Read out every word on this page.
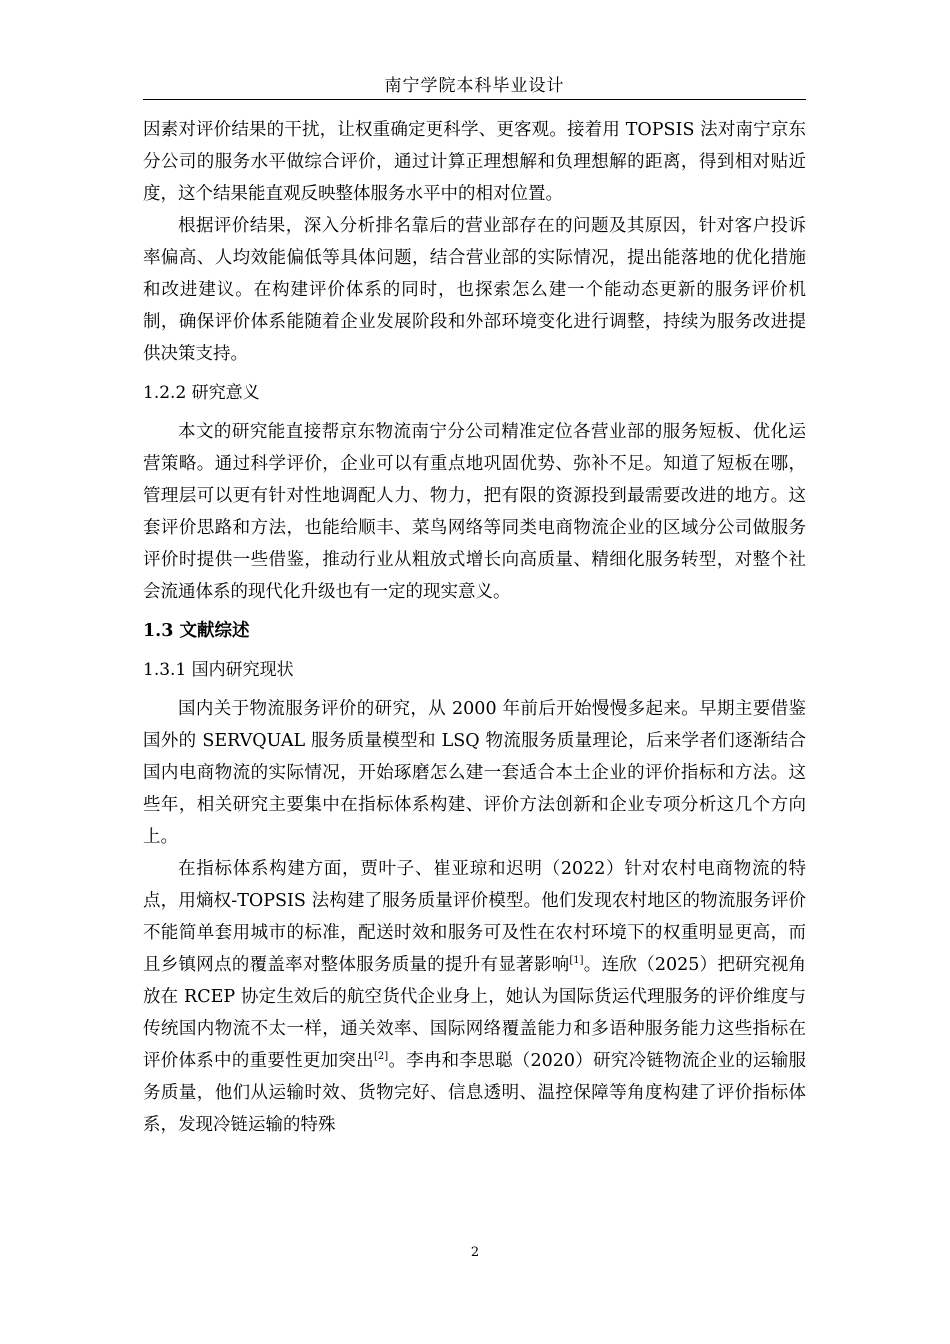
南宁学院本科毕业设计

因素对评价结果的干扰，让权重确定更科学、更客观。接着用 TOPSIS 法对南宁京东分公司的服务水平做综合评价，通过计算正理想解和负理想解的距离，得到相对贴近度，这个结果能直观反映整体服务水平中的相对位置。

根据评价结果，深入分析排名靠后的营业部存在的问题及其原因，针对客户投诉率偏高、人均效能偏低等具体问题，结合营业部的实际情况，提出能落地的优化措施和改进建议。在构建评价体系的同时，也探索怎么建一个能动态更新的服务评价机制，确保评价体系能随着企业发展阶段和外部环境变化进行调整，持续为服务改进提供决策支持。

1.2.2 研究意义

本文的研究能直接帮京东物流南宁分公司精准定位各营业部的服务短板、优化运营策略。通过科学评价，企业可以有重点地巩固优势、弥补不足。知道了短板在哪，管理层可以更有针对性地调配人力、物力，把有限的资源投到最需要改进的地方。这套评价思路和方法，也能给顺丰、菜鸟网络等同类电商物流企业的区域分公司做服务评价时提供一些借鉴，推动行业从粗放式增长向高质量、精细化服务转型，对整个社会流通体系的现代化升级也有一定的现实意义。

1.3 文献综述
1.3.1 国内研究现状

国内关于物流服务评价的研究，从 2000 年前后开始慢慢多起来。早期主要借鉴国外的 SERVQUAL 服务质量模型和 LSQ 物流服务质量理论，后来学者们逐渐结合国内电商物流的实际情况，开始琢磨怎么建一套适合本土企业的评价指标和方法。这些年，相关研究主要集中在指标体系构建、评价方法创新和企业专项分析这几个方向上。

在指标体系构建方面，贾叶子、崔亚琼和迟明（2022）针对农村电商物流的特点，用熵权-TOPSIS 法构建了服务质量评价模型。他们发现农村地区的物流服务评价不能简单套用城市的标准，配送时效和服务可及性在农村环境下的权重明显更高，而且乡镇网点的覆盖率对整体服务质量的提升有显著影响[1]。连欣（2025）把研究视角放在 RCEP 协定生效后的航空货代企业身上，她认为国际货运代理服务的评价维度与传统国内物流不太一样，通关效率、国际网络覆盖能力和多语种服务能力这些指标在评价体系中的重要性更加突出[2]。李冉和李思聪（2020）研究冷链物流企业的运输服务质量，他们从运输时效、货物完好、信息透明、温控保障等角度构建了评价指标体系，发现冷链运输的特殊

2
